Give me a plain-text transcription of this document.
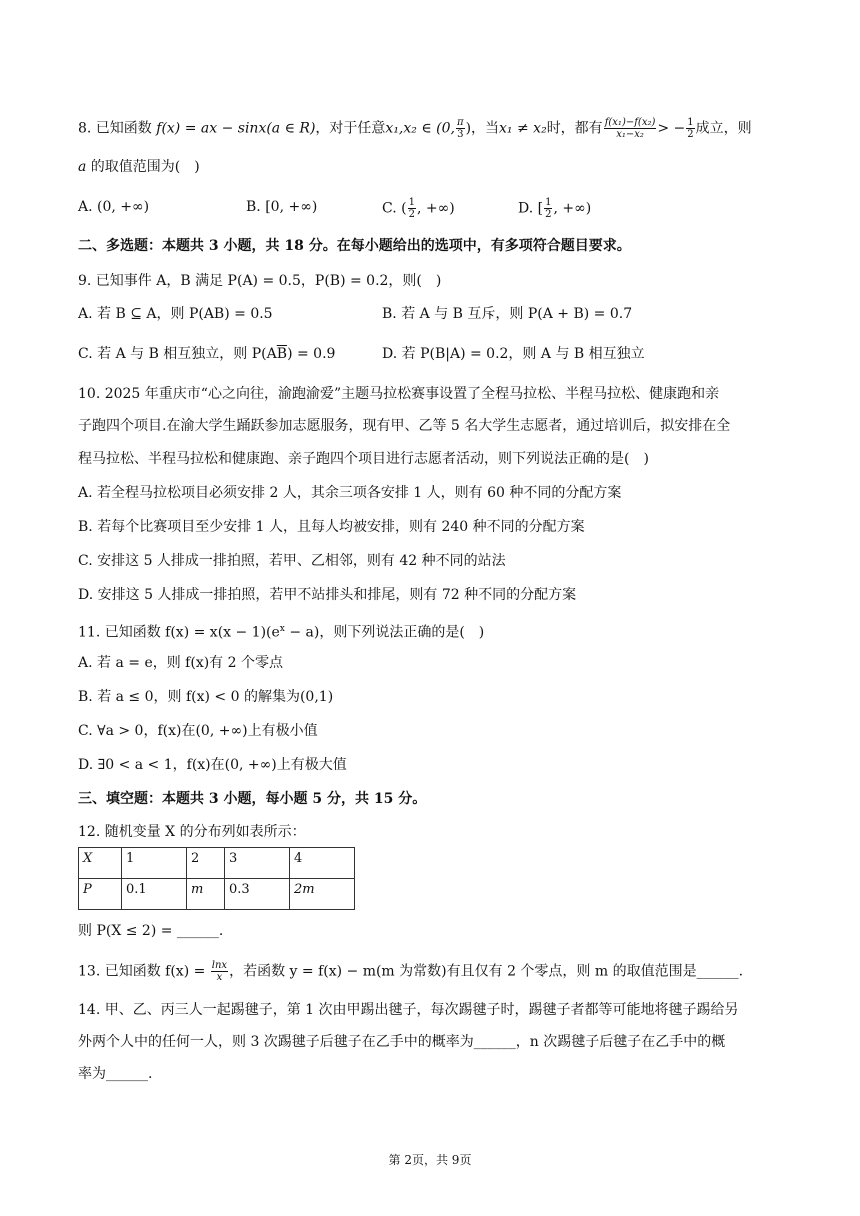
8. 已知函数 f(x) = ax − sinx(a ∈ R)，对于任意x₁,x₂ ∈ (0, $\frac{\pi}{3}$ )，当x₁ ≠ x₂时，都有 $\frac{\text{f(x₁)−f(x₂)}}{\text{x₁−x₂}}$ > − $\frac{1}{2}$ 成立，则
a 的取值范围为(　)
A. (0, +∞)	B. [0, +∞)	C. ( $\frac{1}{2}$ , +∞)	D. [ $\frac{1}{2}$ , +∞)
二、多选题：本题共 3 小题，共 18 分。在每小题给出的选项中，有多项符合题目要求。
9. 已知事件 A，B 满足 P(A) = 0.5，P(B) = 0.2，则(　)
A. 若 B ⊆ A，则 P(AB) = 0.5	B. 若 A 与 B 互斥，则 P(A + B) = 0.7
C. 若 A 与 B 相互独立，则 $P(A\overline{B}) = 0.9$	D. 若 P(B|A) = 0.2，则 A 与 B 相互独立
10. 2025 年重庆市“心之向往，渝跑渝爱”主题马拉松赛事设置了全程马拉松、半程马拉松、健康跑和亲
子跑四个项目.在渝大学生踊跃参加志愿服务，现有甲、乙等 5 名大学生志愿者，通过培训后，拟安排在全
程马拉松、半程马拉松和健康跑、亲子跑四个项目进行志愿者活动，则下列说法正确的是(　)
A. 若全程马拉松项目必须安排 2 人，其余三项各安排 1 人，则有 60 种不同的分配方案
B. 若每个比赛项目至少安排 1 人，且每人均被安排，则有 240 种不同的分配方案
C. 安排这 5 人排成一排拍照，若甲、乙相邻，则有 42 种不同的站法
D. 安排这 5 人排成一排拍照，若甲不站排头和排尾，则有 72 种不同的分配方案
11. 已知函数 $f(x) = x(x - 1)(e^x - a)$，则下列说法正确的是(　)
A. 若 a = e，则 f(x)有 2 个零点
B. 若 a ≤ 0，则 f(x) < 0 的解集为(0,1)
C. ∀a > 0，f(x)在(0, +∞)上有极小值
D. ∃0 < a < 1，f(x)在(0, +∞)上有极大值
三、填空题：本题共 3 小题，每小题 5 分，共 15 分。
12. 随机变量 X 的分布列如表所示：
X	1	2	3	4
P	0.1	m	0.3	2m
则 P(X ≤ 2) = ______.
13. 已知函数 $f(x) = \frac{\ln x}{x}$ ，若函数 y = f(x) − m(m 为常数)有且仅有 2 个零点，则 m 的取值范围是______.
14. 甲、乙、丙三人一起踢毽子，第 1 次由甲踢出毽子，每次踢毽子时，踢毽子者都等可能地将毽子踢给另
外两个人中的任何一人，则 3 次踢毽子后毽子在乙手中的概率为______，n 次踢毽子后毽子在乙手中的概
率为______.
第 2页，共 9页
